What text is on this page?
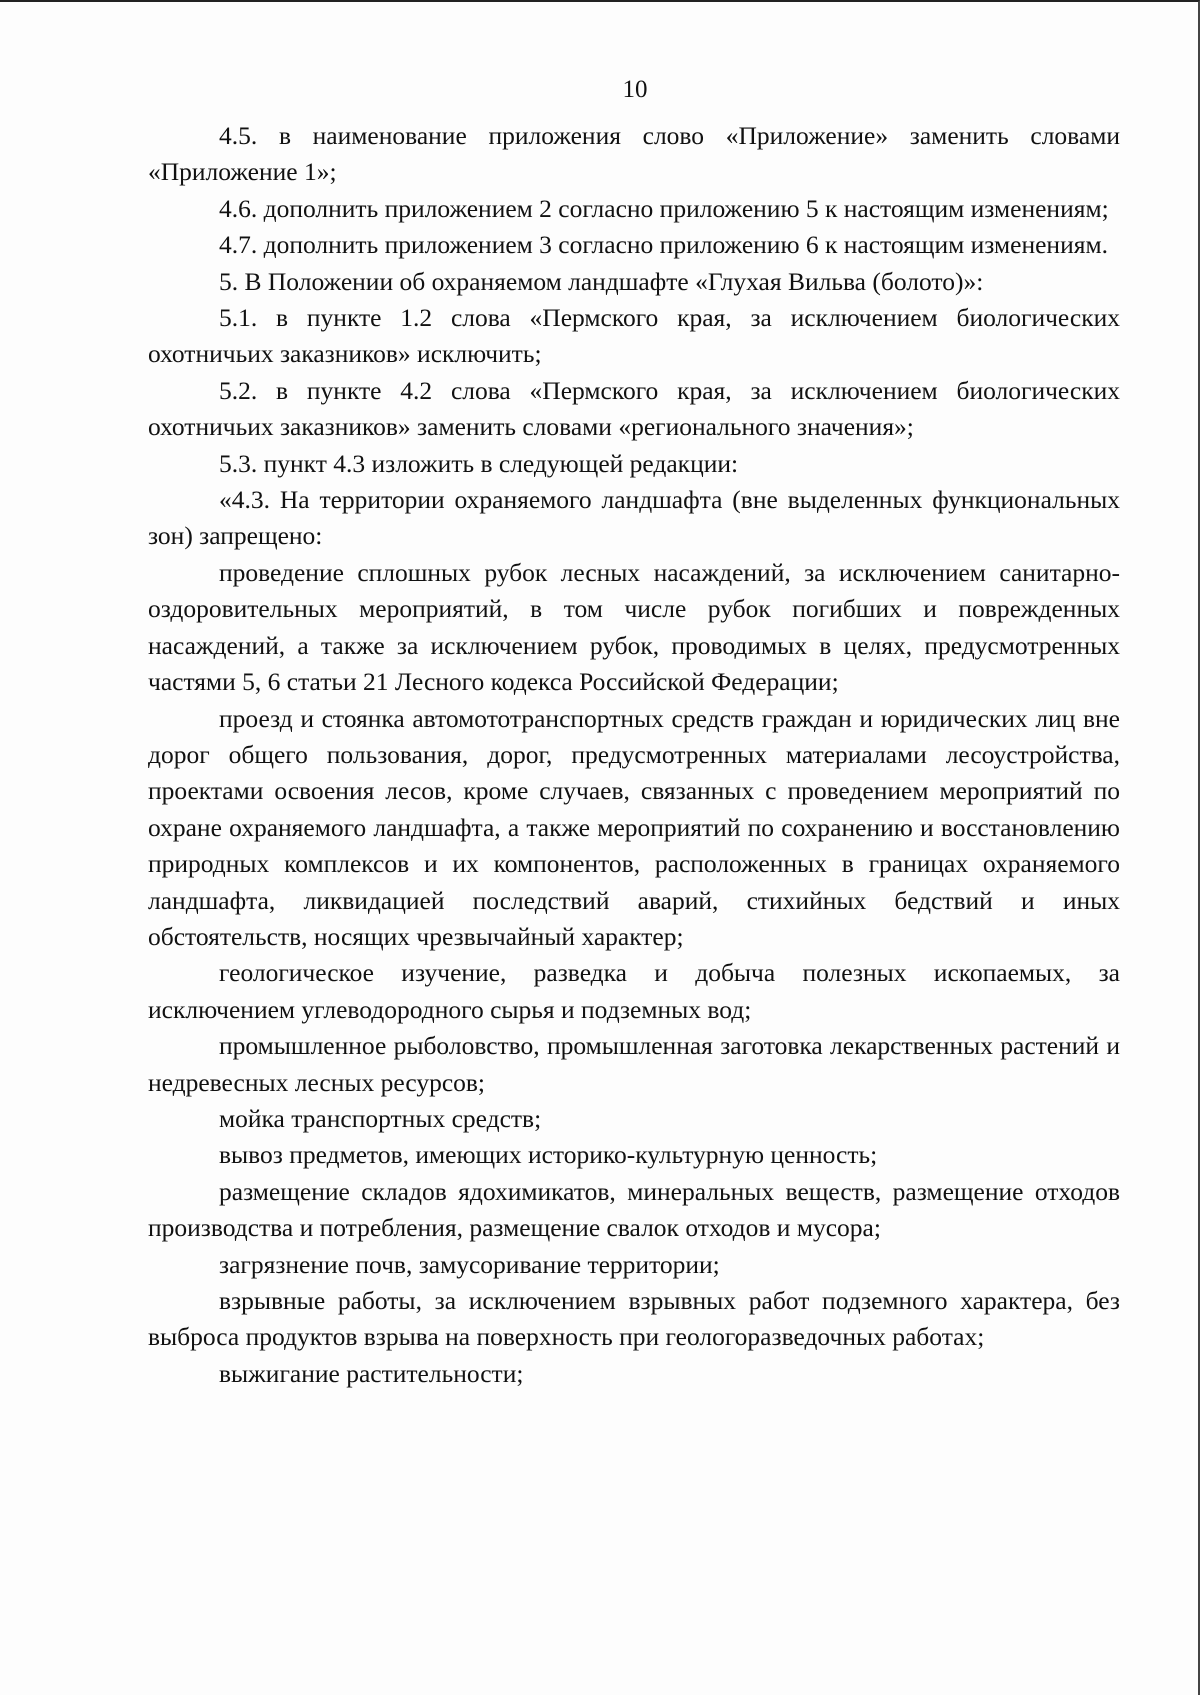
10

4.5. в наименование приложения слово «Приложение» заменить словами «Приложение 1»;

4.6. дополнить приложением 2 согласно приложению 5 к настоящим изменениям;

4.7. дополнить приложением 3 согласно приложению 6 к настоящим изменениям.

5. В Положении об охраняемом ландшафте «Глухая Вильва (болото)»:

5.1. в пункте 1.2 слова «Пермского края, за исключением биологических охотничьих заказников» исключить;

5.2. в пункте 4.2 слова «Пермского края, за исключением биологических охотничьих заказников» заменить словами «регионального значения»;

5.3. пункт 4.3 изложить в следующей редакции:

«4.3. На территории охраняемого ландшафта (вне выделенных функциональных зон) запрещено:

проведение сплошных рубок лесных насаждений, за исключением санитарно-оздоровительных мероприятий, в том числе рубок погибших и поврежденных насаждений, а также за исключением рубок, проводимых в целях, предусмотренных частями 5, 6 статьи 21 Лесного кодекса Российской Федерации;

проезд и стоянка автомототранспортных средств граждан и юридических лиц вне дорог общего пользования, дорог, предусмотренных материалами лесоустройства, проектами освоения лесов, кроме случаев, связанных с проведением мероприятий по охране охраняемого ландшафта, а также мероприятий по сохранению и восстановлению природных комплексов и их компонентов, расположенных в границах охраняемого ландшафта, ликвидацией последствий аварий, стихийных бедствий и иных обстоятельств, носящих чрезвычайный характер;

геологическое изучение, разведка и добыча полезных ископаемых, за исключением углеводородного сырья и подземных вод;

промышленное рыболовство, промышленная заготовка лекарственных растений и недревесных лесных ресурсов;

мойка транспортных средств;

вывоз предметов, имеющих историко-культурную ценность;

размещение складов ядохимикатов, минеральных веществ, размещение отходов производства и потребления, размещение свалок отходов и мусора;

загрязнение почв, замусоривание территории;

взрывные работы, за исключением взрывных работ подземного характера, без выброса продуктов взрыва на поверхность при геологоразведочных работах;

выжигание растительности;
